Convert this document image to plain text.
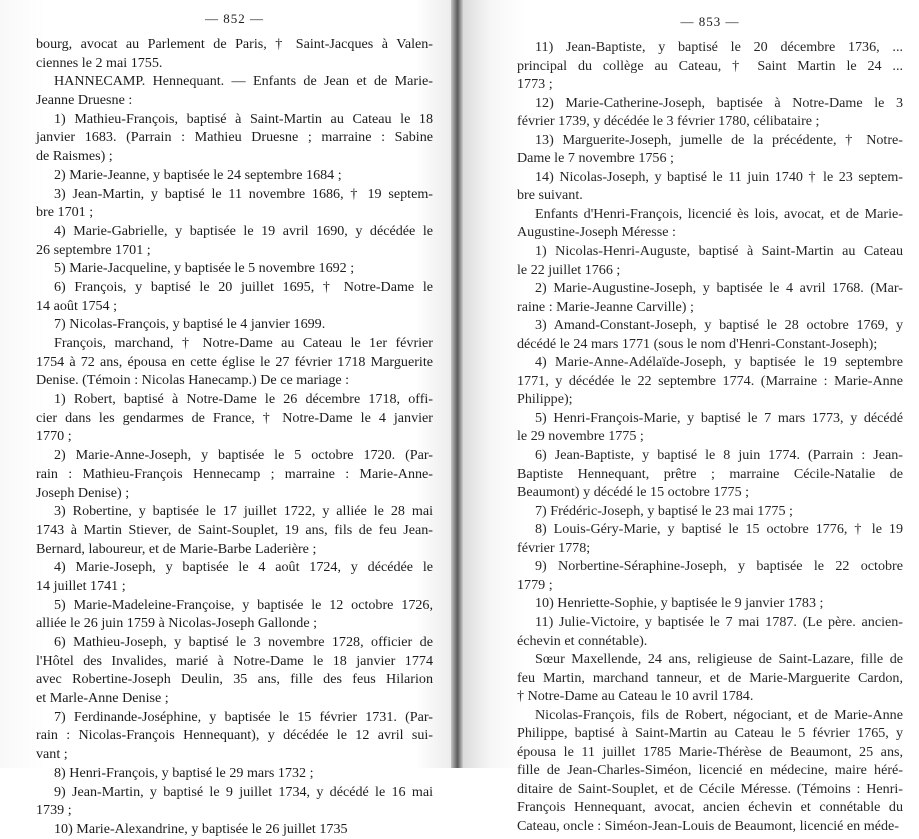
— 852 —
bourg, avocat au Parlement de Paris, † Saint-Jacques à Valen-
ciennes le 2 mai 1755.
HANNECAMP. Hennequant. — Enfants de Jean et de Marie-
Jeanne Druesne :
1) Mathieu-François, baptisé à Saint-Martin au Cateau le 18
janvier 1683. (Parrain : Mathieu Druesne ; marraine : Sabine
de Raismes) ;
2) Marie-Jeanne, y baptisée le 24 septembre 1684 ;
3) Jean-Martin, y baptisé le 11 novembre 1686, † 19 septem-
bre 1701 ;
4) Marie-Gabrielle, y baptisée le 19 avril 1690, y décédée le
26 septembre 1701 ;
5) Marie-Jacqueline, y baptisée le 5 novembre 1692 ;
6) François, y baptisé le 20 juillet 1695, † Notre-Dame le
14 août 1754 ;
7) Nicolas-François, y baptisé le 4 janvier 1699.
François, marchand, † Notre-Dame au Cateau le 1er février
1754 à 72 ans, épousa en cette église le 27 février 1718 Marguerite
Denise. (Témoin : Nicolas Hanecamp.) De ce mariage :
1) Robert, baptisé à Notre-Dame le 26 décembre 1718, offi-
cier dans les gendarmes de France, † Notre-Dame le 4 janvier
1770 ;
2) Marie-Anne-Joseph, y baptisée le 5 octobre 1720. (Par-
rain : Mathieu-François Hennecamp ; marraine : Marie-Anne-
Joseph Denise) ;
3) Robertine, y baptisée le 17 juillet 1722, y alliée le 28 mai
1743 à Martin Stiever, de Saint-Souplet, 19 ans, fils de feu Jean-
Bernard, laboureur, et de Marie-Barbe Laderière ;
4) Marie-Joseph, y baptisée le 4 août 1724, y décédée le
14 juillet 1741 ;
5) Marie-Madeleine-Françoise, y baptisée le 12 octobre 1726,
alliée le 26 juin 1759 à Nicolas-Joseph Gallonde ;
6) Mathieu-Joseph, y baptisé le 3 novembre 1728, officier de
l'Hôtel des Invalides, marié à Notre-Dame le 18 janvier 1774
avec Robertine-Joseph Deulin, 35 ans, fille des feus Hilarion
et Marle-Anne Denise ;
7) Ferdinande-Joséphine, y baptisée le 15 février 1731. (Par-
rain : Nicolas-François Hennequant), y décédée le 12 avril sui-
vant ;
8) Henri-François, y baptisé le 29 mars 1732 ;
9) Jean-Martin, y baptisé le 9 juillet 1734, y décédé le 16 mai
1739 ;
10) Marie-Alexandrine, y baptisée le 26 juillet 1735
— 853 —
11) Jean-Baptiste, y baptisé le 20 décembre 1736, ...
principal du collège au Cateau, † Saint Martin le 24 ...
1773 ;
12) Marie-Catherine-Joseph, baptisée à Notre-Dame le 3
février 1739, y décédée le 3 février 1780, célibataire ;
13) Marguerite-Joseph, jumelle de la précédente, † Notre-
Dame le 7 novembre 1756 ;
14) Nicolas-Joseph, y baptisé le 11 juin 1740 † le 23 septem-
bre suivant.
Enfants d'Henri-François, licencié ès lois, avocat, et de Marie-
Augustine-Joseph Méresse :
1) Nicolas-Henri-Auguste, baptisé à Saint-Martin au Cateau
le 22 juillet 1766 ;
2) Marie-Augustine-Joseph, y baptisée le 4 avril 1768. (Mar-
raine : Marie-Jeanne Carville) ;
3) Amand-Constant-Joseph, y baptisé le 28 octobre 1769, y
décédé le 24 mars 1771 (sous le nom d'Henri-Constant-Joseph);
4) Marie-Anne-Adélaïde-Joseph, y baptisée le 19 septembre
1771, y décédée le 22 septembre 1774. (Marraine : Marie-Anne
Philippe);
5) Henri-François-Marie, y baptisé le 7 mars 1773, y décédé
le 29 novembre 1775 ;
6) Jean-Baptiste, y baptisé le 8 juin 1774. (Parrain : Jean-
Baptiste Hennequant, prêtre ; marraine Cécile-Natalie de
Beaumont) y décédé le 15 octobre 1775 ;
7) Frédéric-Joseph, y baptisé le 23 mai 1775 ;
8) Louis-Géry-Marie, y baptisé le 15 octobre 1776, † le 19
février 1778;
9) Norbertine-Séraphine-Joseph, y baptisée le 22 octobre
1779 ;
10) Henriette-Sophie, y baptisée le 9 janvier 1783 ;
11) Julie-Victoire, y baptisée le 7 mai 1787. (Le père. ancien-
échevin et connétable).
Sœur Maxellende, 24 ans, religieuse de Saint-Lazare, fille de
feu Martin, marchand tanneur, et de Marie-Marguerite Cardon,
† Notre-Dame au Cateau le 10 avril 1784.
Nicolas-François, fils de Robert, négociant, et de Marie-Anne
Philippe, baptisé à Saint-Martin au Cateau le 5 février 1765, y
épousa le 11 juillet 1785 Marie-Thérèse de Beaumont, 25 ans,
fille de Jean-Charles-Siméon, licencié en médecine, maire héré-
ditaire de Saint-Souplet, et de Cécile Méresse. (Témoins : Henri-
François Hennequant, avocat, ancien échevin et connétable du
Cateau, oncle : Siméon-Jean-Louis de Beaumont, licencié en méde-
